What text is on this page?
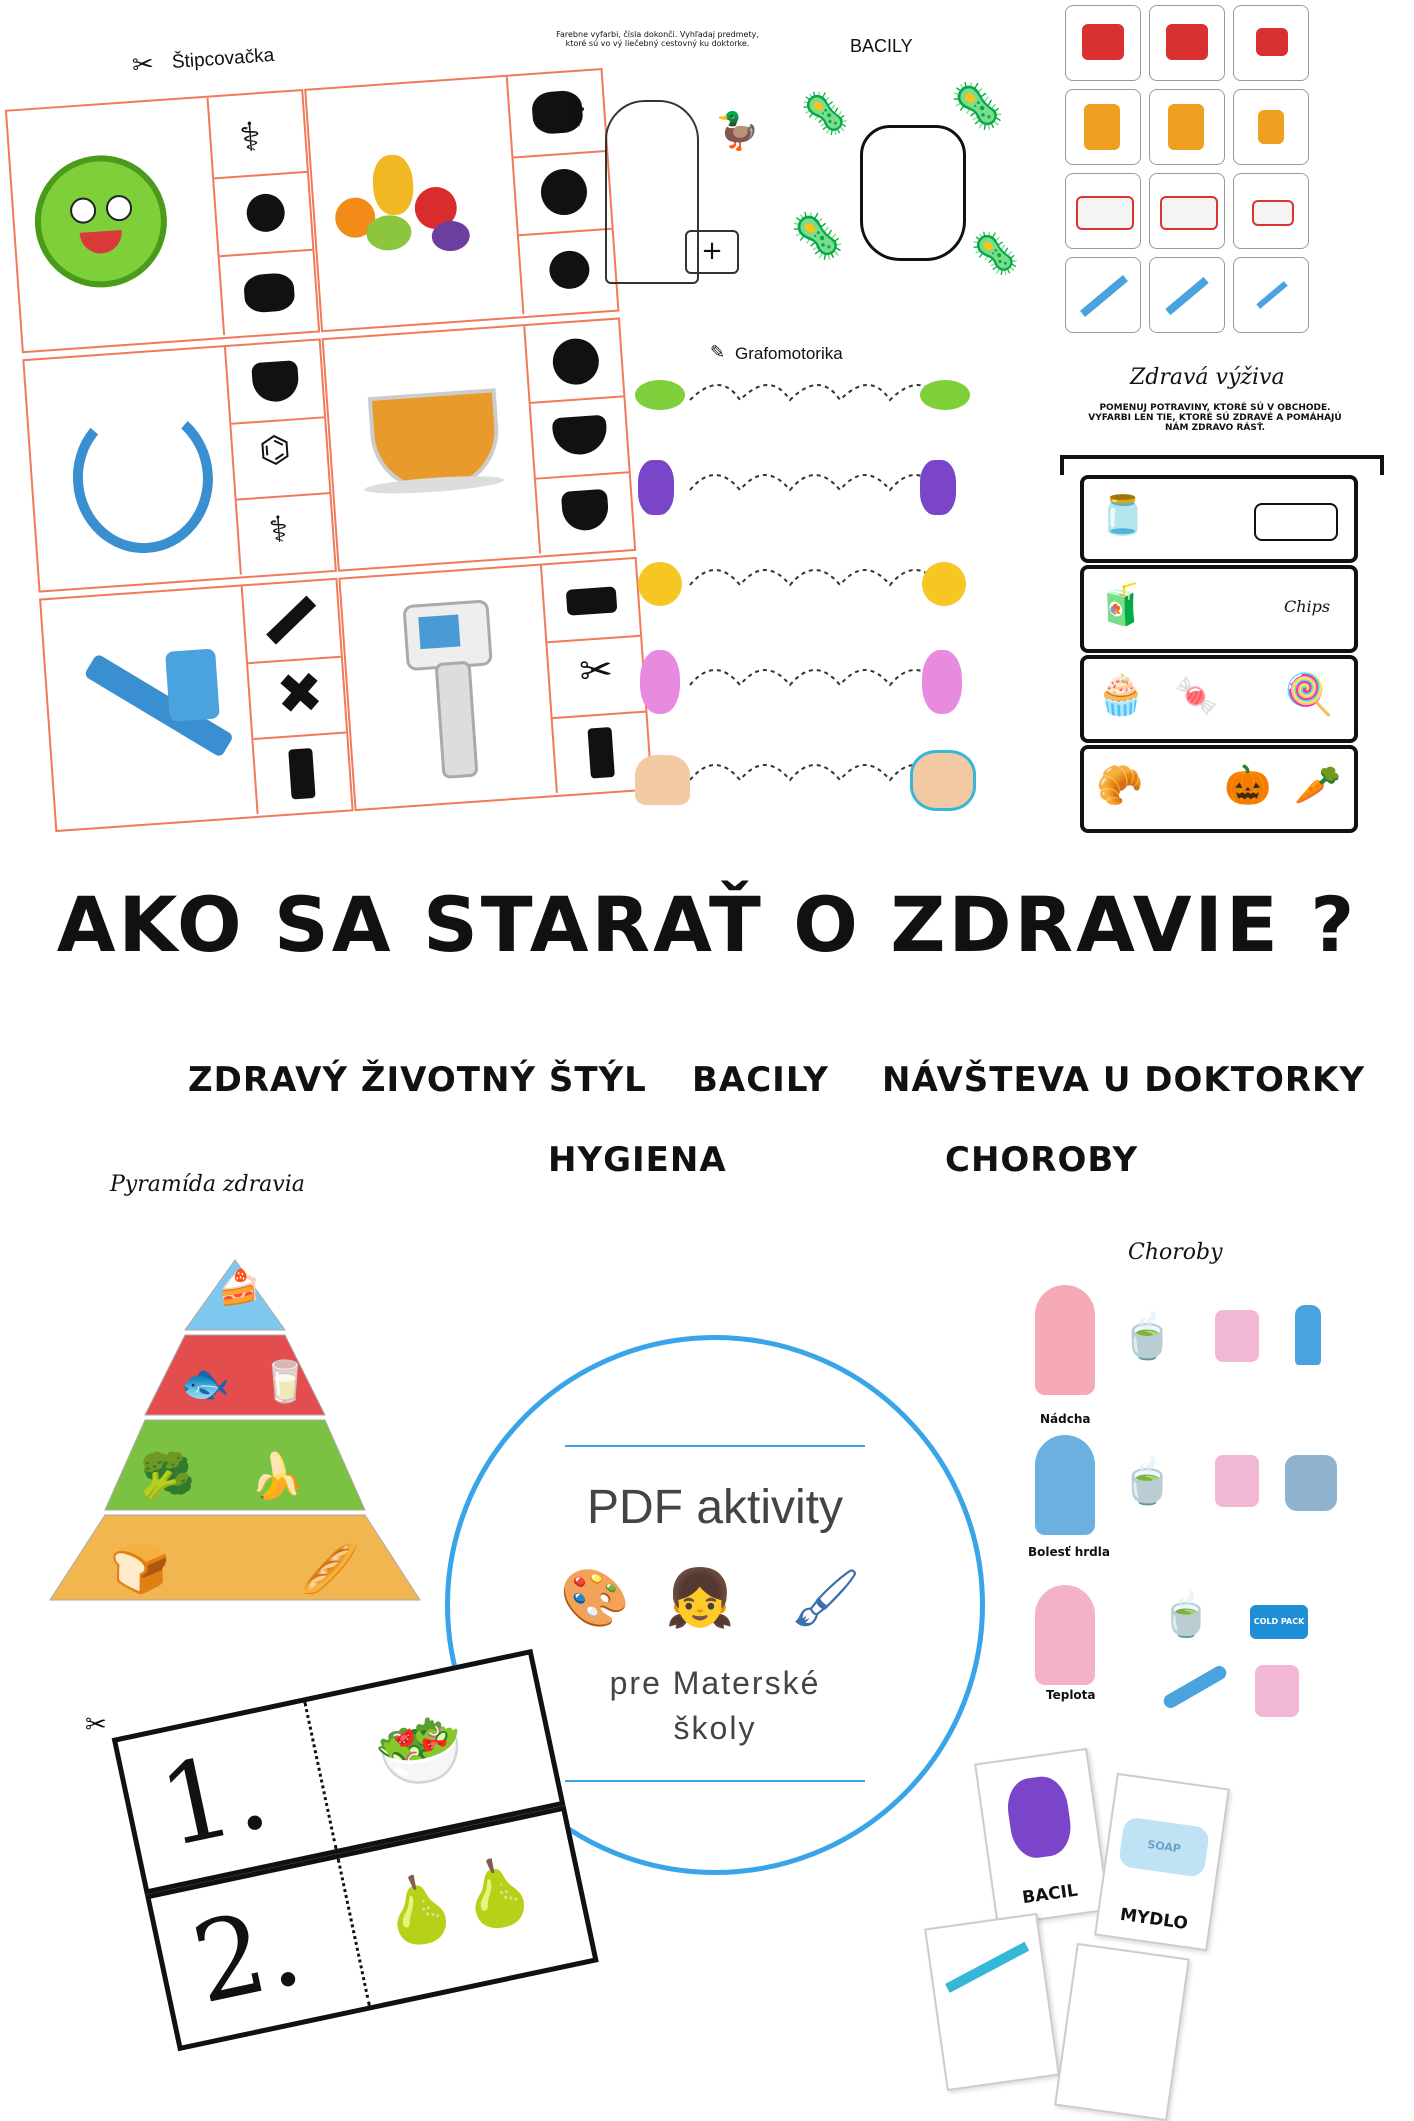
✂ Štipcovačka
⚕
⌬
⚕
✖	✂
Farebne vyfarbi, čísla dokonči. Vyhľadaj predmety, ktoré sú vo vý liečebný cestovný ku doktorke.
⚕	🦆
+
BACILY
🦠 🦠
🦠	🦠
✎ Grafomotorika
Zdravá výživa
POMENUJ POTRAVINY, KTORÉ SÚ V OBCHODE. VYFARBI LEN TIE, KTORÉ SÚ ZDRAVÉ A POMÁHAJÚ NÁM ZDRAVO RÁSŤ.
🫙
🧃	Chips
🧁 🍬 🍭
🥐 🎃 🥕
AKO SA STARAŤ O ZDRAVIE ?
ZDRAVÝ ŽIVOTNÝ ŠTÝL BACILY NÁVŠTEVA U DOKTORKY
HYGIENA	CHOROBY
Pyramída zdravia
🍰
🐟 🥛
🥦 🍌
🍞	🥖
PDF aktivity
🎨 👧 🖌
pre Materské
školy
Choroby
🍵
Nádcha
🍵
Bolesť hrdla
🍵	COLD PACK
Teplota
✂ 1. 🥗
2. 🍐
🍐	BACIL
SOAP
MYDLO
